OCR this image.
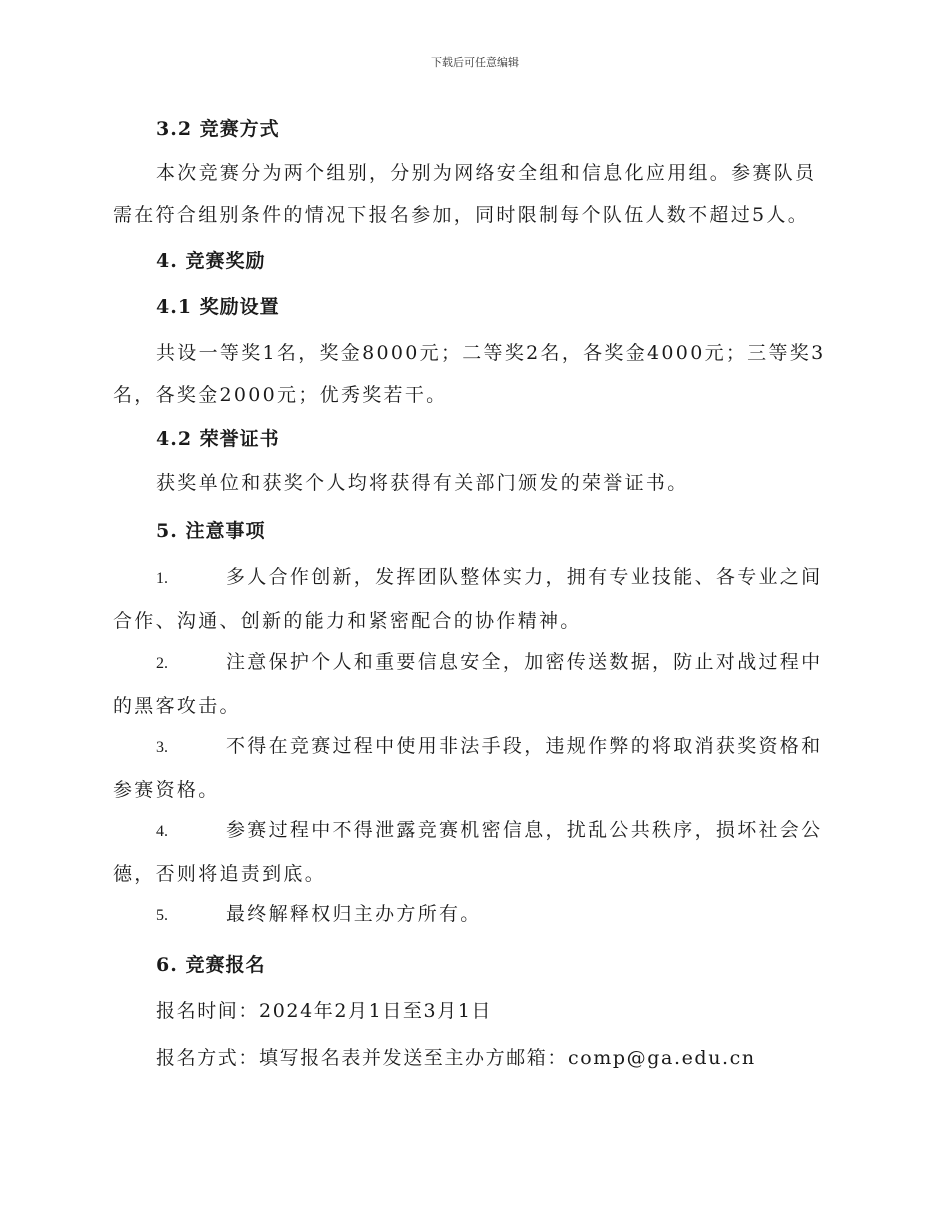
下载后可任意编辑
3.2 竞赛方式
本次竞赛分为两个组别，分别为网络安全组和信息化应用组。参赛队员需在符合组别条件的情况下报名参加，同时限制每个队伍人数不超过5人。
4. 竞赛奖励
4.1 奖励设置
共设一等奖1名，奖金8000元；二等奖2名，各奖金4000元；三等奖3名，各奖金2000元；优秀奖若干。
4.2 荣誉证书
获奖单位和获奖个人均将获得有关部门颁发的荣誉证书。
5. 注意事项
1.	多人合作创新，发挥团队整体实力，拥有专业技能、各专业之间合作、沟通、创新的能力和紧密配合的协作精神。
2.	注意保护个人和重要信息安全，加密传送数据，防止对战过程中的黑客攻击。
3.	不得在竞赛过程中使用非法手段，违规作弊的将取消获奖资格和参赛资格。
4.	参赛过程中不得泄露竞赛机密信息，扰乱公共秩序，损坏社会公德，否则将追责到底。
5.	最终解释权归主办方所有。
6. 竞赛报名
报名时间：2024年2月1日至3月1日
报名方式：填写报名表并发送至主办方邮箱：comp@ga.edu.cn
